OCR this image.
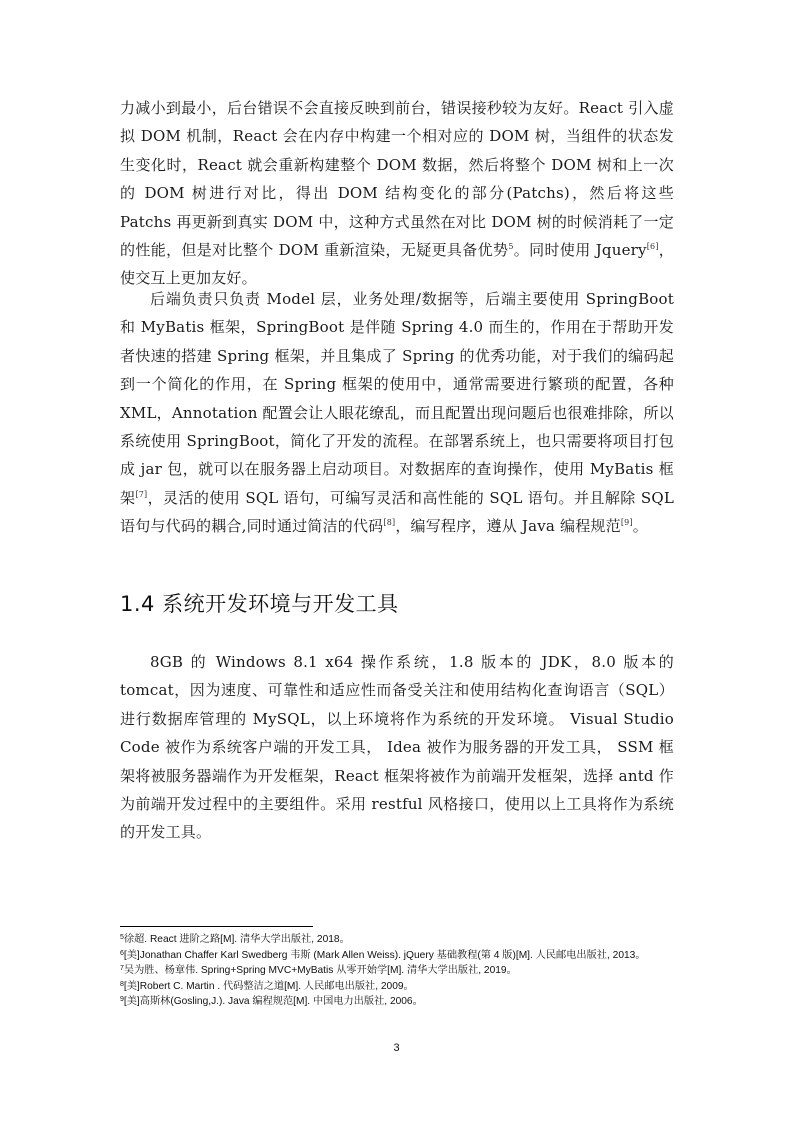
力减小到最小，后台错误不会直接反映到前台，错误接秒较为友好。React 引入虚拟 DOM 机制，React 会在内存中构建一个相对应的 DOM 树，当组件的状态发生变化时，React 就会重新构建整个 DOM 数据，然后将整个 DOM 树和上一次的 DOM 树进行对比，得出 DOM 结构变化的部分(Patchs)，然后将这些 Patchs 再更新到真实 DOM 中，这种方式虽然在对比 DOM 树的时候消耗了一定的性能，但是对比整个 DOM 重新渲染，无疑更具备优势$^5$。同时使用 Jquery[6]，使交互上更加友好。

后端负责只负责 Model 层，业务处理/数据等，后端主要使用 SpringBoot 和 MyBatis 框架，SpringBoot 是伴随 Spring 4.0 而生的，作用在于帮助开发者快速的搭建 Spring 框架，并且集成了 Spring 的优秀功能，对于我们的编码起到一个简化的作用，在 Spring 框架的使用中，通常需要进行繁琐的配置，各种 XML，Annotation 配置会让人眼花缭乱，而且配置出现问题后也很难排除，所以系统使用 SpringBoot，简化了开发的流程。在部署系统上，也只需要将项目打包成 jar 包，就可以在服务器上启动项目。对数据库的查询操作，使用 MyBatis 框架[7]，灵活的使用 SQL 语句，可编写灵活和高性能的 SQL 语句。并且解除 SQL 语句与代码的耦合,同时通过简洁的代码[8]，编写程序，遵从 Java 编程规范[9]。

1.4 系统开发环境与开发工具

8GB 的 Windows 8.1 x64 操作系统，1.8 版本的 JDK，8.0 版本的 tomcat，因为速度、可靠性和适应性而备受关注和使用结构化查询语言（SQL）进行数据库管理的 MySQL，以上环境将作为系统的开发环境。 Visual Studio Code 被作为系统客户端的开发工具， Idea 被作为服务器的开发工具， SSM 框架将被服务器端作为开发框架，React 框架将被作为前端开发框架，选择 antd 作为前端开发过程中的主要组件。采用 restful 风格接口，使用以上工具将作为系统的开发工具。

$^5$徐超. React 进阶之路[M]. 清华大学出版社, 2018。

$^6$[美]Jonathan Chaffer Karl Swedberg 韦斯 (Mark Allen Weiss). jQuery 基础教程(第 4 版)[M]. 人民邮电出版社, 2013。

$^7$吴为胜、杨章伟. Spring+Spring MVC+MyBatis 从零开始学[M]. 清华大学出版社, 2019。

$^8$[美]Robert C. Martin . 代码整洁之道[M]. 人民邮电出版社, 2009。

$^9$[美]高斯林(Gosling,J.). Java 编程规范[M]. 中国电力出版社, 2006。

3
